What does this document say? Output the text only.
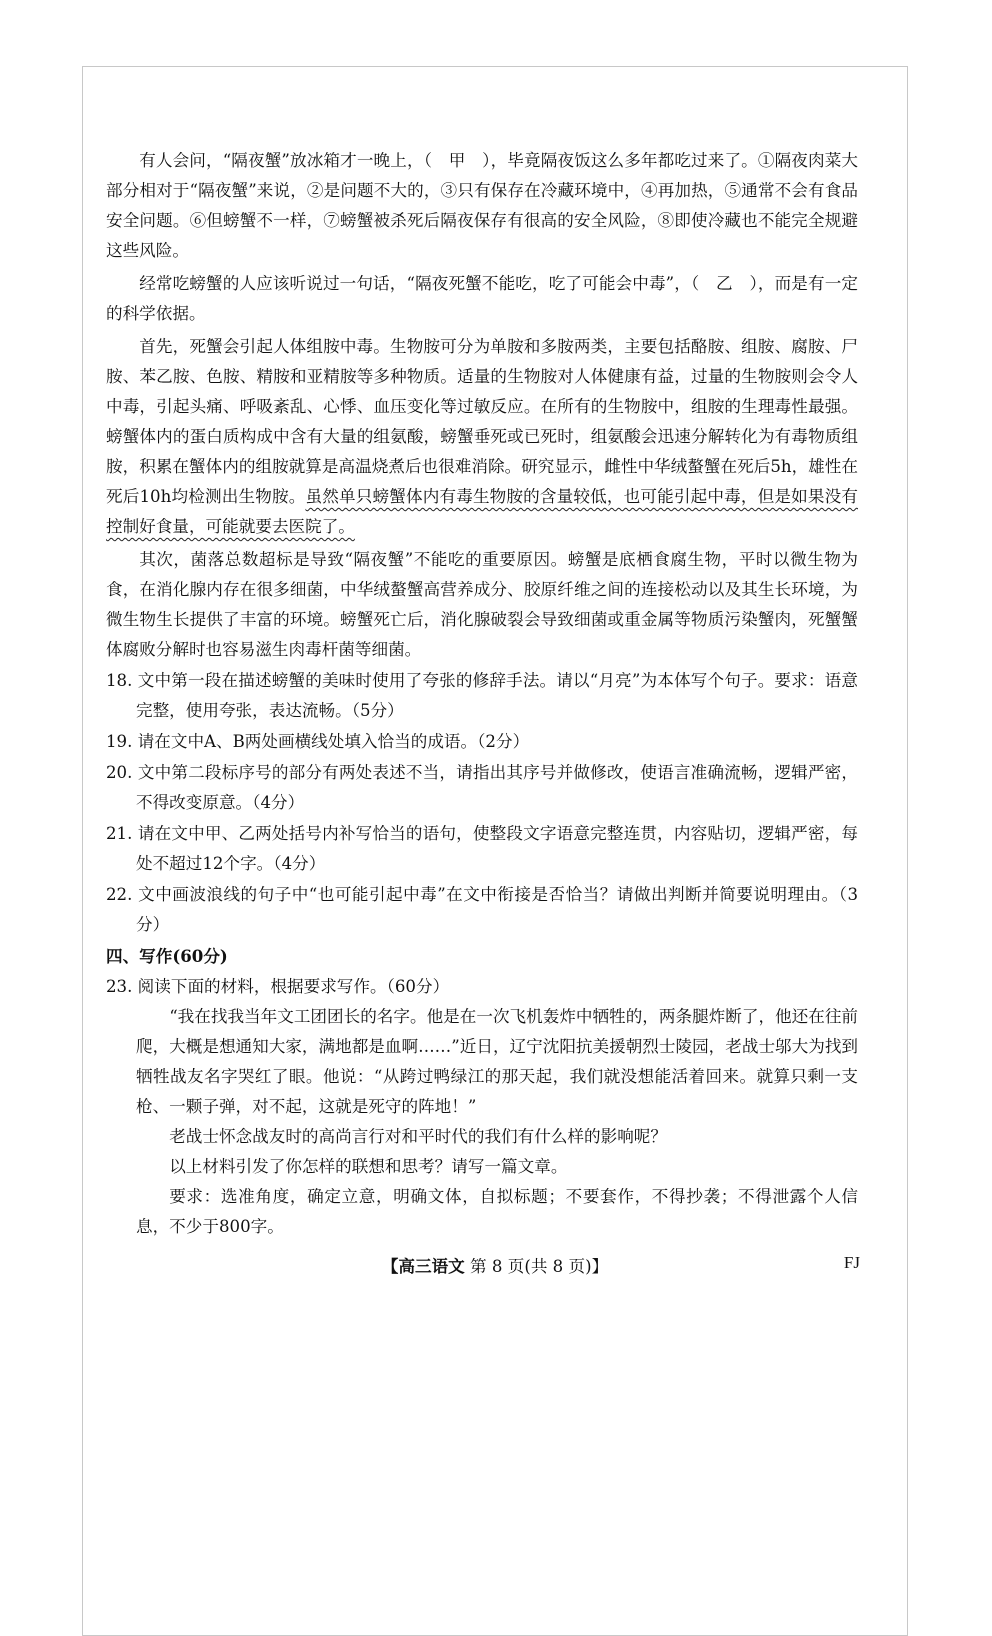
有人会问，“隔夜蟹”放冰箱才一晚上，（　甲　），毕竟隔夜饭这么多年都吃过来了。①隔夜肉菜大部分相对于“隔夜蟹”来说，②是问题不大的，③只有保存在冷藏环境中，④再加热，⑤通常不会有食品安全问题。⑥但螃蟹不一样，⑦螃蟹被杀死后隔夜保存有很高的安全风险，⑧即使冷藏也不能完全规避这些风险。

经常吃螃蟹的人应该听说过一句话，“隔夜死蟹不能吃，吃了可能会中毒”，（　乙　），而是有一定的科学依据。

首先，死蟹会引起人体组胺中毒。生物胺可分为单胺和多胺两类，主要包括酪胺、组胺、腐胺、尸胺、苯乙胺、色胺、精胺和亚精胺等多种物质。适量的生物胺对人体健康有益，过量的生物胺则会令人中毒，引起头痛、呼吸紊乱、心悸、血压变化等过敏反应。在所有的生物胺中，组胺的生理毒性最强。螃蟹体内的蛋白质构成中含有大量的组氨酸，螃蟹垂死或已死时，组氨酸会迅速分解转化为有毒物质组胺，积累在蟹体内的组胺就算是高温烧煮后也很难消除。研究显示，雌性中华绒螯蟹在死后5h，雄性在死后10h均检测出生物胺。虽然单只螃蟹体内有毒生物胺的含量较低，也可能引起中毒，但是如果没有控制好食量，可能就要去医院了。

其次，菌落总数超标是导致“隔夜蟹”不能吃的重要原因。螃蟹是底栖食腐生物，平时以微生物为食，在消化腺内存在很多细菌，中华绒螯蟹高营养成分、胶原纤维之间的连接松动以及其生长环境，为微生物生长提供了丰富的环境。螃蟹死亡后，消化腺破裂会导致细菌或重金属等物质污染蟹肉，死蟹蟹体腐败分解时也容易滋生肉毒杆菌等细菌。

18. 文中第一段在描述螃蟹的美味时使用了夸张的修辞手法。请以“月亮”为本体写个句子。要求：语意完整，使用夸张，表达流畅。（5分）

19. 请在文中A、B两处画横线处填入恰当的成语。（2分）

20. 文中第二段标序号的部分有两处表述不当，请指出其序号并做修改，使语言准确流畅，逻辑严密，不得改变原意。（4分）

21. 请在文中甲、乙两处括号内补写恰当的语句，使整段文字语意完整连贯，内容贴切，逻辑严密，每处不超过12个字。（4分）

22. 文中画波浪线的句子中“也可能引起中毒”在文中衔接是否恰当？请做出判断并简要说明理由。（3分）

四、写作(60分)

23. 阅读下面的材料，根据要求写作。（60分）

“我在找我当年文工团团长的名字。他是在一次飞机轰炸中牺牲的，两条腿炸断了，他还在往前爬，大概是想通知大家，满地都是血啊……”近日，辽宁沈阳抗美援朝烈士陵园，老战士邬大为找到牺牲战友名字哭红了眼。他说：“从跨过鸭绿江的那天起，我们就没想能活着回来。就算只剩一支枪、一颗子弹，对不起，这就是死守的阵地！”

老战士怀念战友时的高尚言行对和平时代的我们有什么样的影响呢？

以上材料引发了你怎样的联想和思考？请写一篇文章。

要求：选准角度，确定立意，明确文体，自拟标题；不要套作，不得抄袭；不得泄露个人信息，不少于800字。

【高三语文 第 8 页(共 8 页)】	FJ
